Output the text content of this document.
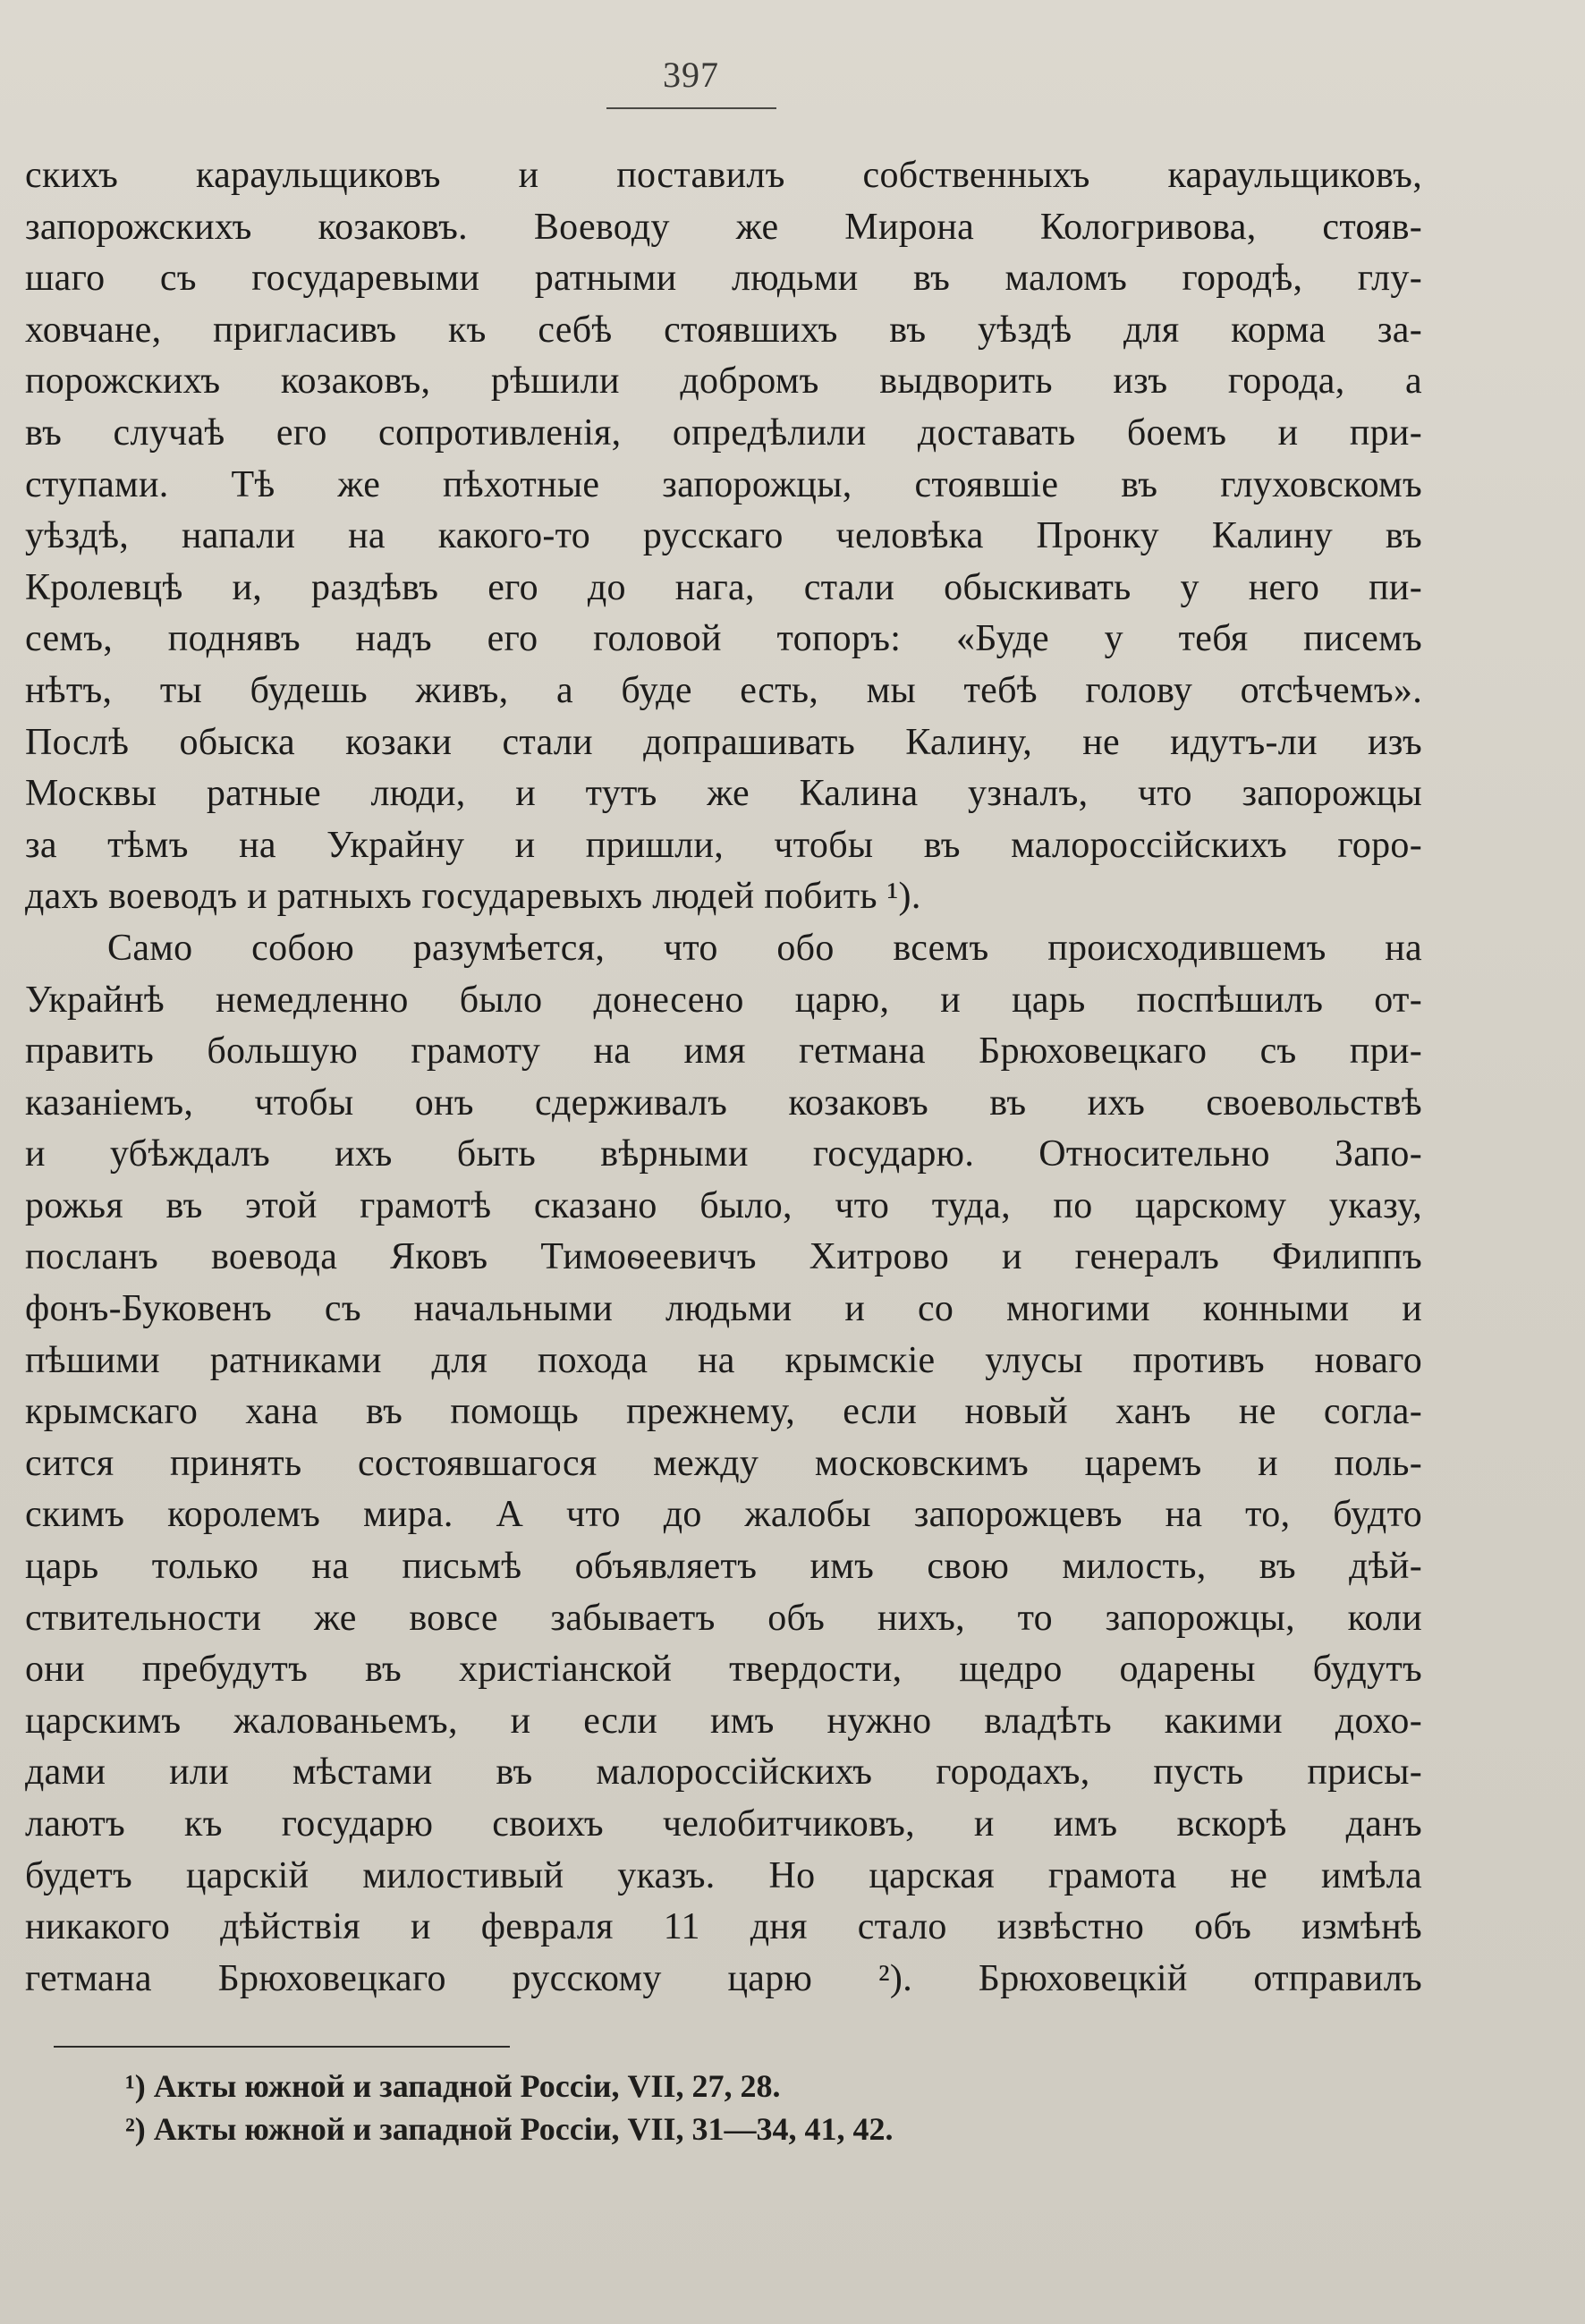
397
скихъ караульщиковъ и поставилъ собственныхъ караульщиковъ,
запорожскихъ козаковъ. Воеводу же Мирона Кологривова, стояв-
шаго съ государевыми ратными людьми въ маломъ городѣ, глу-
ховчане, пригласивъ къ себѣ стоявшихъ въ уѣздѣ для корма за-
порожскихъ козаковъ, рѣшили добромъ выдворить изъ города, а
въ случаѣ его сопротивленія, опредѣлили доставать боемъ и при-
ступами. Тѣ же пѣхотные запорожцы, стоявшіе въ глуховскомъ
уѣздѣ, напали на какого-то русскаго человѣка Пронку Калину въ
Кролевцѣ и, раздѣвъ его до нага, стали обыскивать у него пи-
семъ, поднявъ надъ его головой топоръ: «Буде у тебя писемъ
нѣтъ, ты будешь живъ, а буде есть, мы тебѣ голову отсѣчемъ».
Послѣ обыска козаки стали допрашивать Калину, не идутъ-ли изъ
Москвы ратные люди, и тутъ же Калина узналъ, что запорожцы
за тѣмъ на Украйну и пришли, чтобы въ малороссійскихъ горо-
дахъ воеводъ и ратныхъ государевыхъ людей побить ¹).
Само собою разумѣется, что обо всемъ происходившемъ на
Украйнѣ немедленно было донесено царю, и царь поспѣшилъ от-
править большую грамоту на имя гетмана Брюховецкаго съ при-
казаніемъ, чтобы онъ сдерживалъ козаковъ въ ихъ своевольствѣ
и убѣждалъ ихъ быть вѣрными государю. Относительно Запо-
рожья въ этой грамотѣ сказано было, что туда, по царскому указу,
посланъ воевода Яковъ Тимоѳеевичъ Хитрово и генералъ Филиппъ
фонъ-Буковенъ съ начальными людьми и со многими конными и
пѣшими ратниками для похода на крымскіе улусы противъ новаго
крымскаго хана въ помощь прежнему, если новый ханъ не согла-
сится принять состоявшагося между московскимъ царемъ и поль-
скимъ королемъ мира. А что до жалобы запорожцевъ на то, будто
царь только на письмѣ объявляетъ имъ свою милость, въ дѣй-
ствительности же вовсе забываетъ объ нихъ, то запорожцы, коли
они пребудутъ въ христіанской твердости, щедро одарены будутъ
царскимъ жалованьемъ, и если имъ нужно владѣть какими дохо-
дами или мѣстами въ малороссійскихъ городахъ, пусть присы-
лаютъ къ государю своихъ челобитчиковъ, и имъ вскорѣ данъ
будетъ царскій милостивый указъ. Но царская грамота не имѣла
никакого дѣйствія и февраля 11 дня стало извѣстно объ измѣнѣ
гетмана Брюховецкаго русскому царю ²). Брюховецкій отправилъ
¹) Акты южной и западной Россіи, VII, 27, 28.
²) Акты южной и западной Россіи, VII, 31—34, 41, 42.
